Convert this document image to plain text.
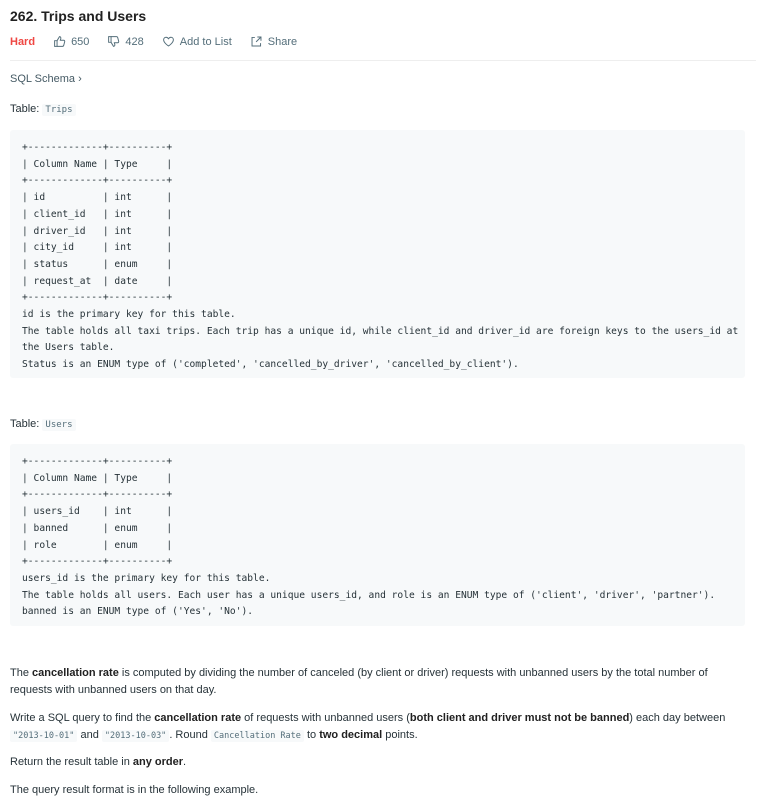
262. Trips and Users
Hard	650	428	Add to List	Share
SQL Schema ›
Table: Trips
+-------------+----------+
| Column Name | Type     |
+-------------+----------+
| id          | int      |
| client_id   | int      |
| driver_id   | int      |
| city_id     | int      |
| status      | enum     |
| request_at  | date     |
+-------------+----------+
id is the primary key for this table.
The table holds all taxi trips. Each trip has a unique id, while client_id and driver_id are foreign keys to the users_id at
the Users table.
Status is an ENUM type of ('completed', 'cancelled_by_driver', 'cancelled_by_client').
Table: Users
+-------------+----------+
| Column Name | Type     |
+-------------+----------+
| users_id    | int      |
| banned      | enum     |
| role        | enum     |
+-------------+----------+
users_id is the primary key for this table.
The table holds all users. Each user has a unique users_id, and role is an ENUM type of ('client', 'driver', 'partner').
banned is an ENUM type of ('Yes', 'No').

The cancellation rate is computed by dividing the number of canceled (by client or driver) requests with unbanned users by the total number of requests with unbanned users on that day.

Write a SQL query to find the cancellation rate of requests with unbanned users (both client and driver must not be banned) each day between "2013-10-01" and "2013-10-03" . Round Cancellation Rate to two decimal points.

Return the result table in any order.

The query result format is in the following example.
